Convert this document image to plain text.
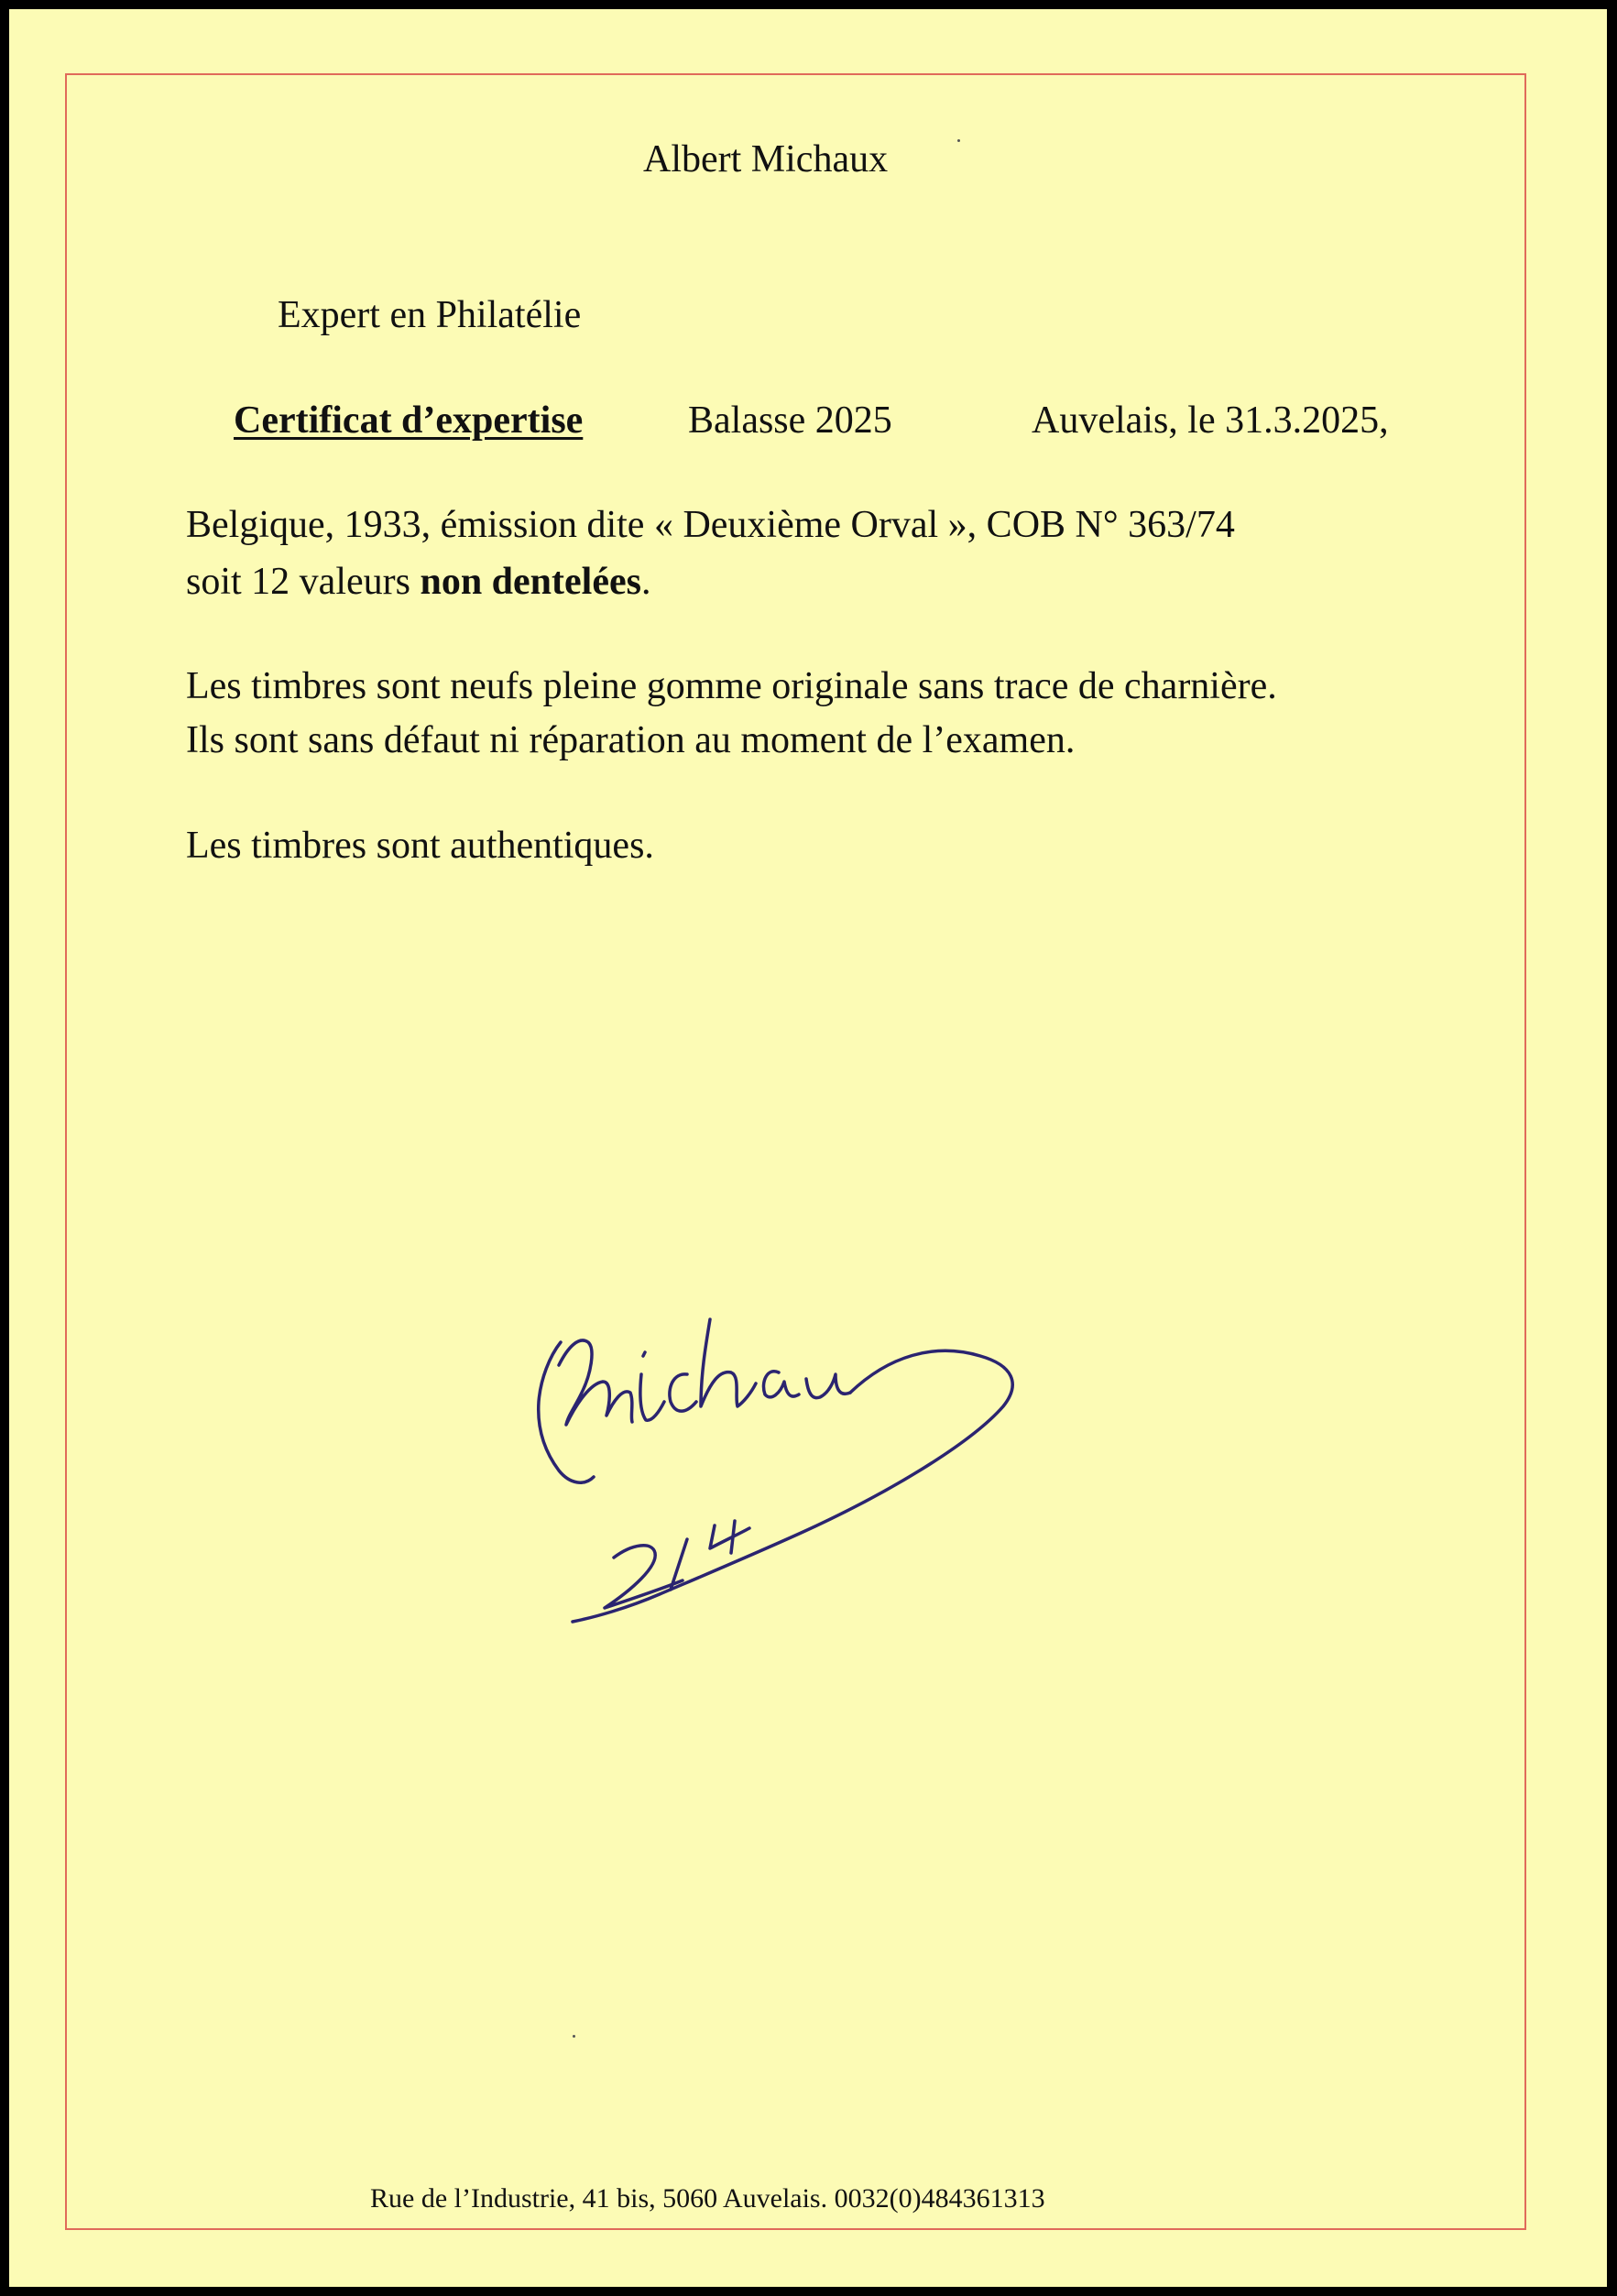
Albert Michaux
Expert en Philatélie
Certificat d’expertise	Balasse 2025	Auvelais, le 31.3.2025,
Belgique, 1933, émission dite « Deuxième Orval », COB N° 363/74
soit 12 valeurs non dentelées.
Les timbres sont neufs pleine gomme originale sans trace de charnière.
Ils sont sans défaut ni réparation au moment de l’examen.
Les timbres sont authentiques.
Rue de l’Industrie, 41 bis, 5060 Auvelais. 0032(0)484361313
